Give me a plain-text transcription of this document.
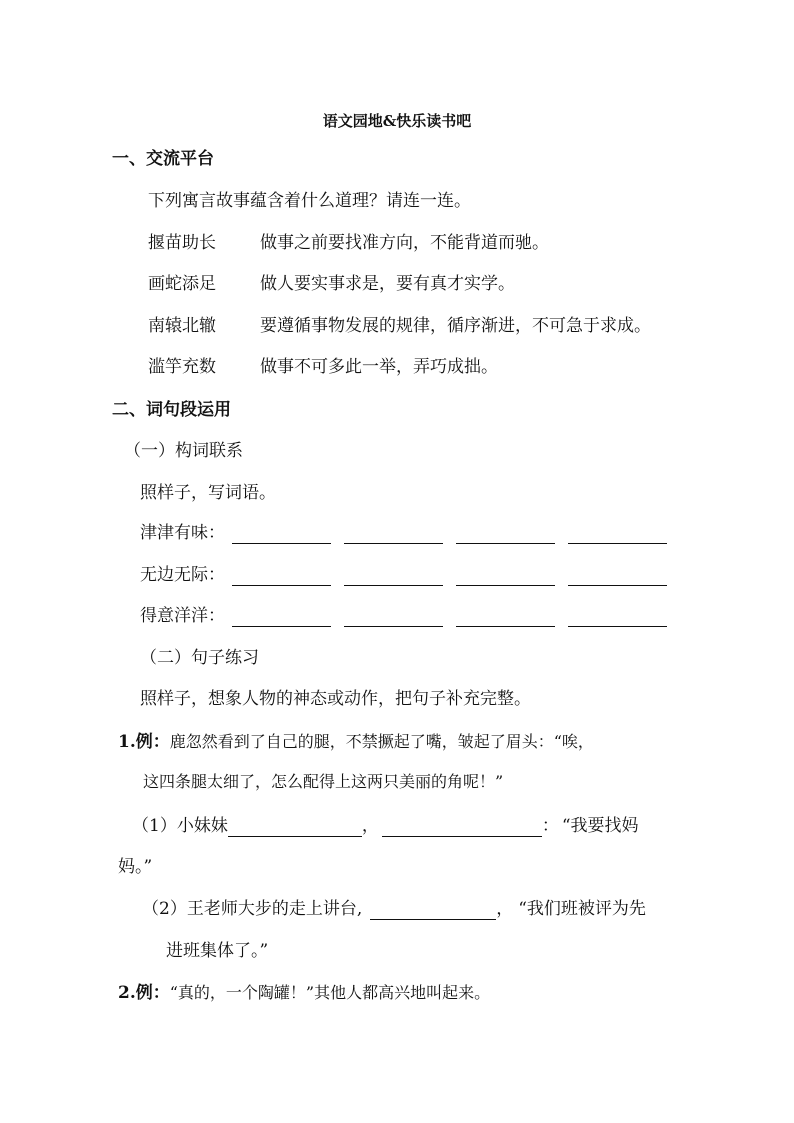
语文园地&快乐读书吧
一、交流平台
下列寓言故事蕴含着什么道理？请连一连。
揠苗助长	做事之前要找准方向，不能背道而驰。
画蛇添足	做人要实事求是，要有真才实学。
南辕北辙	要遵循事物发展的规律，循序渐进，不可急于求成。
滥竽充数	做事不可多此一举，弄巧成拙。
二、词句段运用
（一）构词联系
照样子，写词语。
津津有味：
无边无际：
得意洋洋：
（二）句子练习
照样子，想象人物的神态或动作，把句子补充完整。
1.例：鹿忽然看到了自己的腿，不禁撅起了嘴，皱起了眉头：“唉，
这四条腿太细了，怎么配得上这两只美丽的角呢！”
（1）小妹妹	，	： “我要找妈
妈。”
（2）王老师大步的走上讲台,	， “我们班被评为先
进班集体了。”
2.例：“真的，一个陶罐！”其他人都高兴地叫起来。
